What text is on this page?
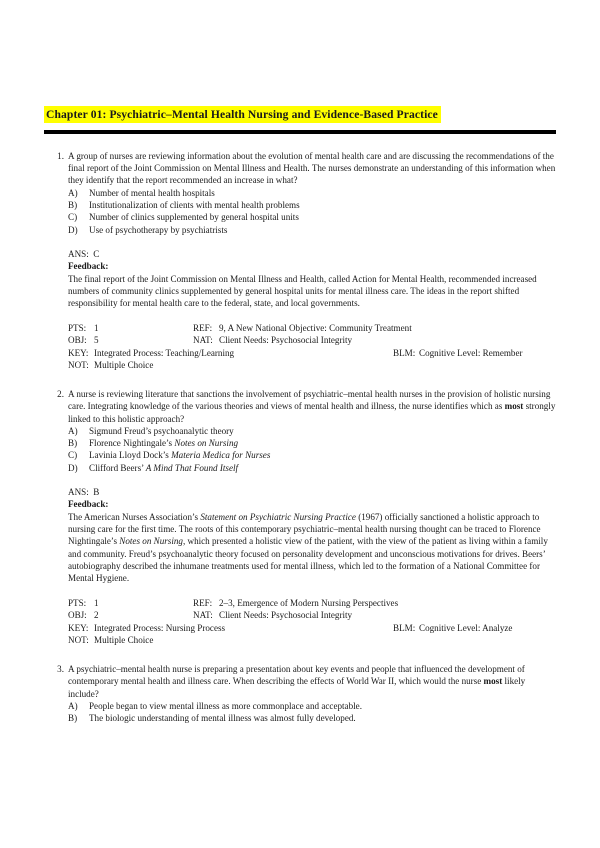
Chapter 01: Psychiatric–Mental Health Nursing and Evidence-Based Practice
1. A group of nurses are reviewing information about the evolution of mental health care and are discussing the recommendations of the final report of the Joint Commission on Mental Illness and Health. The nurses demonstrate an understanding of this information when they identify that the report recommended an increase in what?
A) Number of mental health hospitals
B) Institutionalization of clients with mental health problems
C) Number of clinics supplemented by general hospital units
D) Use of psychotherapy by psychiatrists
ANS: C
Feedback:
The final report of the Joint Commission on Mental Illness and Health, called Action for Mental Health, recommended increased numbers of community clinics supplemented by general hospital units for mental illness care. The ideas in the report shifted responsibility for mental health care to the federal, state, and local governments.
PTS: 1	REF: 9, A New National Objective: Community Treatment
OBJ: 5	NAT: Client Needs: Psychosocial Integrity
KEY: Integrated Process: Teaching/Learning	BLM: Cognitive Level: Remember
NOT: Multiple Choice
2. A nurse is reviewing literature that sanctions the involvement of psychiatric–mental health nurses in the provision of holistic nursing care. Integrating knowledge of the various theories and views of mental health and illness, the nurse identifies which as most strongly linked to this holistic approach?
A) Sigmund Freud’s psychoanalytic theory
B) Florence Nightingale’s Notes on Nursing
C) Lavinia Lloyd Dock’s Materia Medica for Nurses
D) Clifford Beers’ A Mind That Found Itself
ANS: B
Feedback:
The American Nurses Association’s Statement on Psychiatric Nursing Practice (1967) officially sanctioned a holistic approach to nursing care for the first time. The roots of this contemporary psychiatric–mental health nursing thought can be traced to Florence Nightingale’s Notes on Nursing, which presented a holistic view of the patient, with the view of the patient as living within a family and community. Freud’s psychoanalytic theory focused on personality development and unconscious motivations for drives. Beers’ autobiography described the inhumane treatments used for mental illness, which led to the formation of a National Committee for Mental Hygiene.
PTS: 1	REF: 2–3, Emergence of Modern Nursing Perspectives
OBJ: 2	NAT: Client Needs: Psychosocial Integrity
KEY: Integrated Process: Nursing Process	BLM: Cognitive Level: Analyze
NOT: Multiple Choice
3. A psychiatric–mental health nurse is preparing a presentation about key events and people that influenced the development of contemporary mental health and illness care. When describing the effects of World War II, which would the nurse most likely include?
A) People began to view mental illness as more commonplace and acceptable.
B) The biologic understanding of mental illness was almost fully developed.
